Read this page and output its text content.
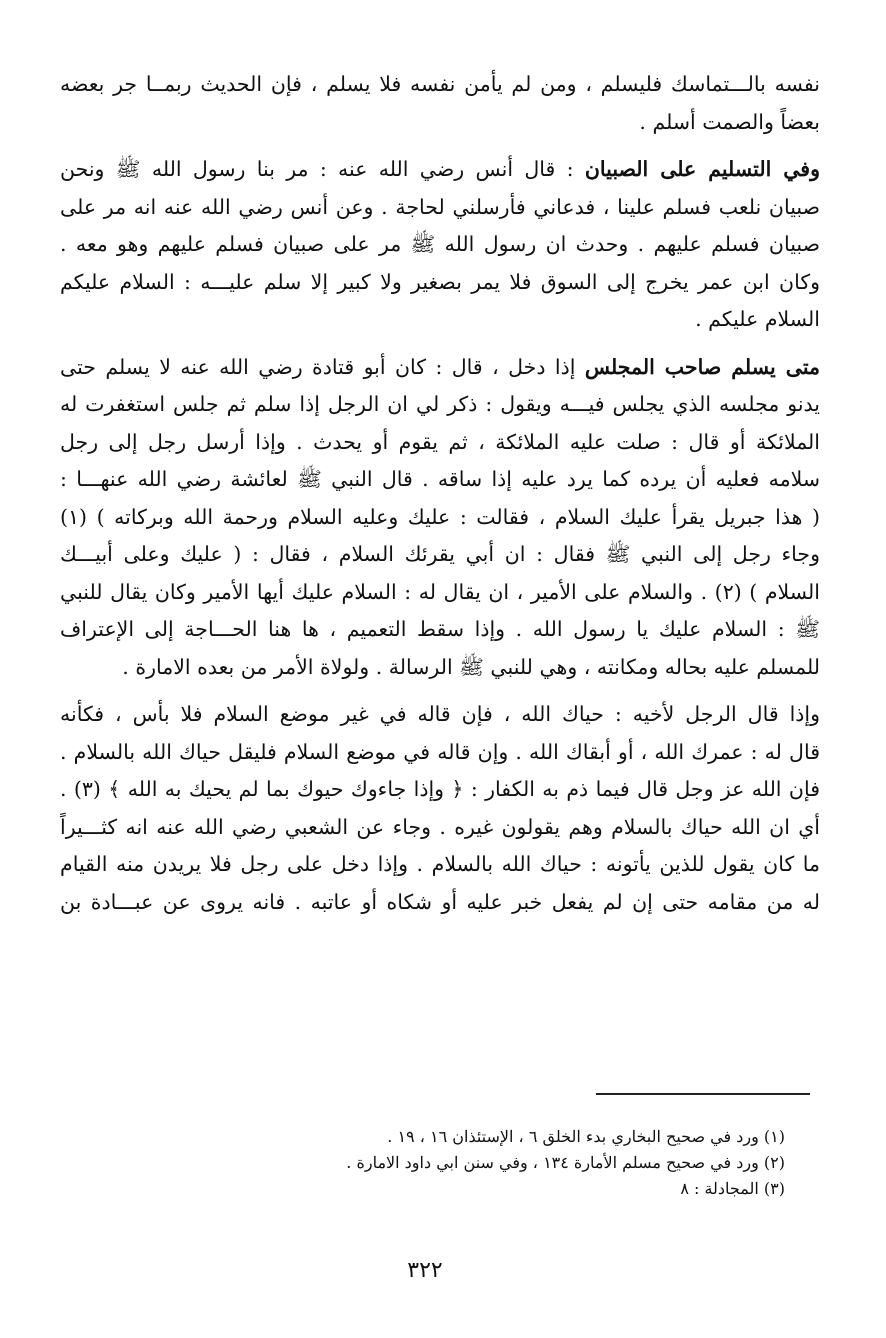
نفسه بالـــتماسك فليسلم ، ومن لم يأمن نفسه فلا يسلم ، فإن الحديث ربمــا جر بعضه
بعضاً والصمت أسلم .

وفي التسليم على الصبيان : قال أنس رضي الله عنه : مر بنا رسول الله ﷺ ونحن
صبيان نلعب فسلم علينا ، فدعاني فأرسلني لحاجة . وعن أنس رضي الله عنه انه مر على
صبيان فسلم عليهم . وحدث ان رسول الله ﷺ مر على صبيان فسلم عليهم وهو معه .
وكان ابن عمر يخرج إلى السوق فلا يمر بصغير ولا كبير إلا سلم عليـــه : السلام عليكم
السلام عليكم .

متى يسلم صاحب المجلس إذا دخل ، قال : كان أبو قتادة رضي الله عنه لا يسلم حتى
يدنو مجلسه الذي يجلس فيـــه ويقول : ذكر لي ان الرجل إذا سلم ثم جلس استغفرت له
الملائكة أو قال : صلت عليه الملائكة ، ثم يقوم أو يحدث . وإذا أرسل رجل إلى رجل
سلامه فعليه أن يرده كما يرد عليه إذا ساقه . قال النبي ﷺ لعائشة رضي الله عنهـــا :
( هذا جبريل يقرأ عليك السلام ، فقالت : عليك وعليه السلام ورحمة الله وبركاته ) (١)
وجاء رجل إلى النبي ﷺ فقال : ان أبي يقرئك السلام ، فقال : ( عليك وعلى أبيـــك
السلام ) (٢) . والسلام على الأمير ، ان يقال له : السلام عليك أيها الأمير وكان يقال للنبي
ﷺ : السلام عليك يا رسول الله . وإذا سقط التعميم ، ها هنا الحـــاجة إلى الإعتراف
للمسلم عليه بحاله ومكانته ، وهي للنبي ﷺ الرسالة . ولولاة الأمر من بعده الامارة .

وإذا قال الرجل لأخيه : حياك الله ، فإن قاله في غير موضع السلام فلا بأس ، فكأنه
قال له : عمرك الله ، أو أبقاك الله . وإن قاله في موضع السلام فليقل حياك الله بالسلام .
فإن الله عز وجل قال فيما ذم به الكفار : ﴿ وإذا جاءوك حيوك بما لم يحيك به الله ﴾ (٣) .
أي ان الله حياك بالسلام وهم يقولون غيره . وجاء عن الشعبي رضي الله عنه انه كثـــيراً
ما كان يقول للذين يأتونه : حياك الله بالسلام . وإذا دخل على رجل فلا يريدن منه القيام
له من مقامه حتى إن لم يفعل خبر عليه أو شكاه أو عاتبه . فانه يروى عن عبـــادة بن

(١) ورد في صحيح البخاري بدء الخلق ٦ ، الإستئذان ١٦ ، ١٩ .
(٢) ورد في صحيح مسلم الأمارة ١٣٤ ، وفي سنن ابي داود الامارة .
(٣) المجادلة : ٨
٣٢٢
